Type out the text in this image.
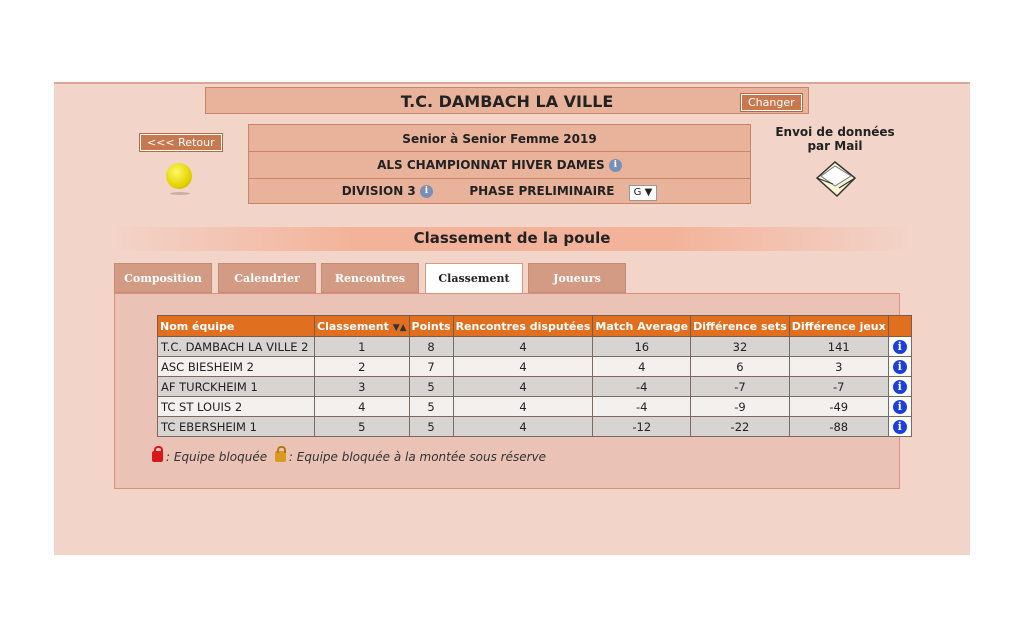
T.C. DAMBACH LA VILLE	Changer
<<< Retour	Senior à Senior Femme 2019
ALS CHAMPIONNAT HIVER DAMES i
DIVISION 3 i	PHASE PRELIMINAIRE G ▼
Envoi de données
par Mail
Classement de la poule
Composition	Calendrier	Rencontres	Classement	Joueurs
Nom équipe	Classement ▼▲	Points	Rencontres disputées	Match Average	Différence sets	Différence jeux	
T.C. DAMBACH LA VILLE 2	1	8	4	16	32	141	i
ASC BIESHEIM 2	2	7	4	4	6	3	i
AF TURCKHEIM 1	3	5	4	-4	-7	-7	i
TC ST LOUIS 2	4	5	4	-4	-9	-49	i
TC EBERSHEIM 1	5	5	4	-12	-22	-88	i
: Equipe bloquée : Equipe bloquée à la montée sous réserve
